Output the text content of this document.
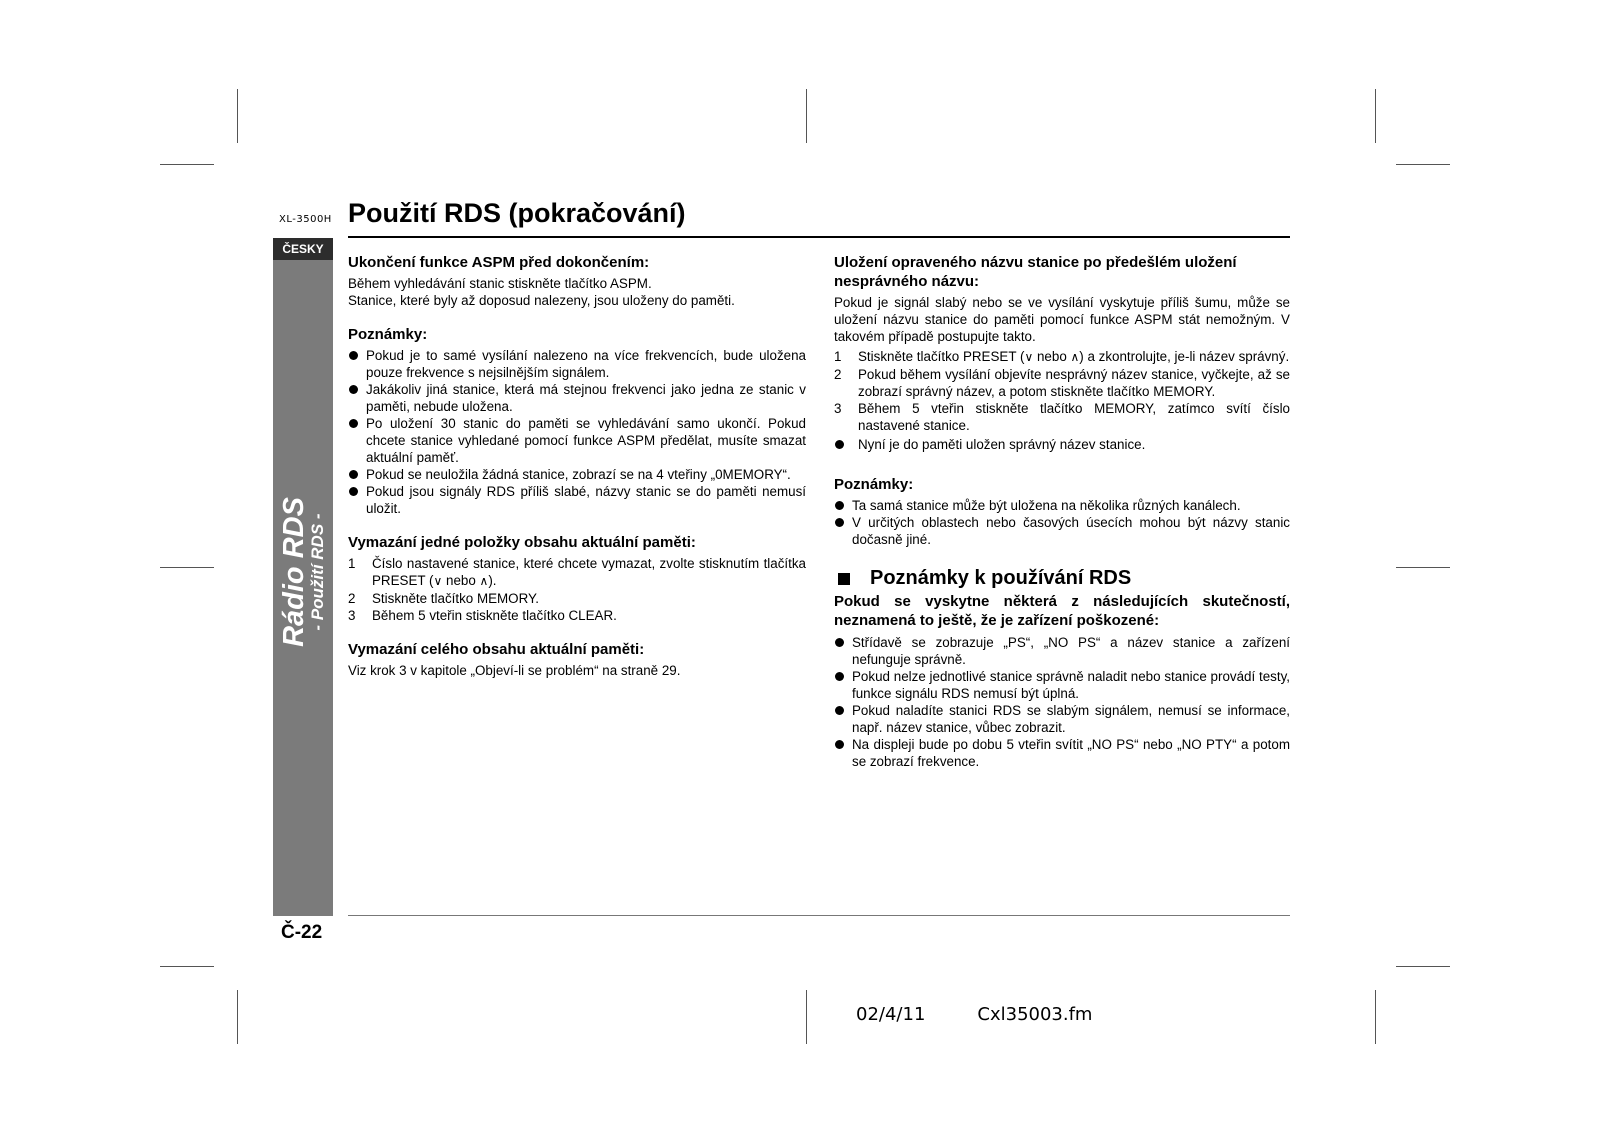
XL-3500H Použití RDS (pokračování)
ČESKY
Rádio RDS
- Použití RDS -
Ukončení funkce ASPM před dokončením:

Během vyhledávání stanic stiskněte tlačítko ASPM.

Stanice, které byly až doposud nalezeny, jsou uloženy do paměti.

Poznámky:
Pokud je to samé vysílání nalezeno na více frekvencích, bude uložena pouze frekvence s nejsilnějším signálem.
Jakákoliv jiná stanice, která má stejnou frekvenci jako jedna ze stanic v paměti, nebude uložena.
Po uložení 30 stanic do paměti se vyhledávání samo ukončí. Pokud chcete stanice vyhledané pomocí funkce ASPM předělat, musíte smazat aktuální paměť.
Pokud se neuložila žádná stanice, zobrazí se na 4 vteřiny „0MEMORY“.
Pokud jsou signály RDS příliš slabé, názvy stanic se do paměti nemusí uložit.
Vymazání jedné položky obsahu aktuální paměti:
1	Číslo nastavené stanice, které chcete vymazat, zvolte stisknutím tlačítka PRESET (∨ nebo ∧).
2	Stiskněte tlačítko MEMORY.
3	Během 5 vteřin stiskněte tlačítko CLEAR.
Vymazání celého obsahu aktuální paměti:

Viz krok 3 v kapitole „Objeví-li se problém“ na straně 29.

Uložení opraveného názvu stanice po předešlém uložení nesprávného názvu:

Pokud je signál slabý nebo se ve vysílání vyskytuje příliš šumu, může se uložení názvu stanice do paměti pomocí funkce ASPM stát nemožným. V takovém případě postupujte takto.

1	Stiskněte tlačítko PRESET (∨ nebo ∧) a zkontrolujte, je-li název správný.
2	Pokud během vysílání objevíte nesprávný název stanice, vyčkejte, až se zobrazí správný název, a potom stiskněte tlačítko MEMORY.
3	Během 5 vteřin stiskněte tlačítko MEMORY, zatímco svítí číslo nastavené stanice.
Nyní je do paměti uložen správný název stanice.
Poznámky:
Ta samá stanice může být uložena na několika různých kanálech.
V určitých oblastech nebo časových úsecích mohou být názvy stanic dočasně jiné.
Poznámky k používání RDS

Pokud se vyskytne některá z následujících skutečností, neznamená to ještě, že je zařízení poškozené:

Střídavě se zobrazuje „PS“, „NO PS“ a název stanice a zařízení nefunguje správně.
Pokud nelze jednotlivé stanice správně naladit nebo stanice provádí testy, funkce signálu RDS nemusí být úplná.
Pokud naladíte stanici RDS se slabým signálem, nemusí se informace, např. název stanice, vůbec zobrazit.
Na displeji bude po dobu 5 vteřin svítit „NO PS“ nebo „NO PTY“ a potom se zobrazí frekvence.
Č-22
02/4/11	Cxl35003.fm
